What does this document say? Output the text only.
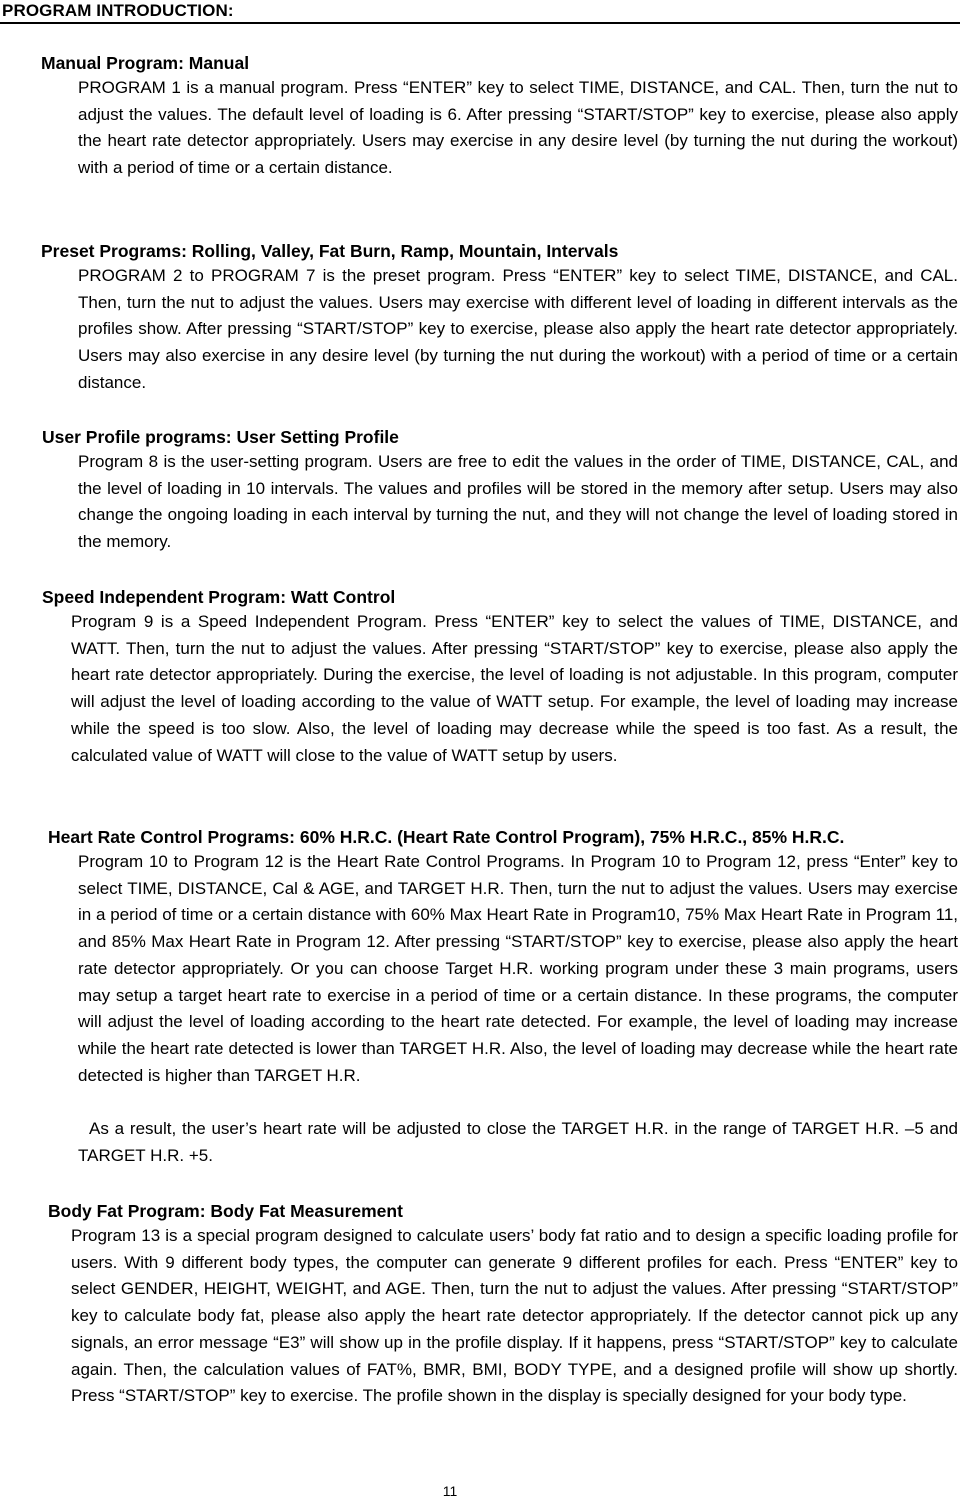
PROGRAM INTRODUCTION:
Manual Program: Manual
PROGRAM 1 is a manual program. Press “ENTER” key to select TIME, DISTANCE, and CAL. Then, turn the nut to adjust the values. The default level of loading is 6. After pressing “START/STOP” key to exercise, please also apply the heart rate detector appropriately. Users may exercise in any desire level (by turning the nut during the workout) with a period of time or a certain distance.
Preset Programs: Rolling, Valley, Fat Burn, Ramp, Mountain, Intervals
PROGRAM 2 to PROGRAM 7 is the preset program. Press “ENTER” key to select TIME, DISTANCE, and CAL. Then, turn the nut to adjust the values. Users may exercise with different level of loading in different intervals as the profiles show. After pressing “START/STOP” key to exercise, please also apply the heart rate detector appropriately. Users may also exercise in any desire level (by turning the nut during the workout) with a period of time or a certain distance.
User Profile programs: User Setting Profile
Program 8 is the user-setting program. Users are free to edit the values in the order of TIME, DISTANCE, CAL, and the level of loading in 10 intervals. The values and profiles will be stored in the memory after setup. Users may also change the ongoing loading in each interval by turning the nut, and they will not change the level of loading stored in the memory.
Speed Independent Program: Watt Control
Program 9 is a Speed Independent Program. Press “ENTER” key to select the values of TIME, DISTANCE, and WATT. Then, turn the nut to adjust the values. After pressing “START/STOP” key to exercise, please also apply the heart rate detector appropriately. During the exercise, the level of loading is not adjustable. In this program, computer will adjust the level of loading according to the value of WATT setup. For example, the level of loading may increase while the speed is too slow. Also, the level of loading may decrease while the speed is too fast. As a result, the calculated value of WATT will close to the value of WATT setup by users.
Heart Rate Control Programs: 60% H.R.C. (Heart Rate Control Program), 75% H.R.C., 85% H.R.C.
Program 10 to Program 12 is the Heart Rate Control Programs. In Program 10 to Program 12, press “Enter” key to select TIME, DISTANCE, Cal & AGE, and TARGET H.R. Then, turn the nut to adjust the values. Users may exercise in a period of time or a certain distance with 60% Max Heart Rate in Program10, 75% Max Heart Rate in Program 11, and 85% Max Heart Rate in Program 12. After pressing “START/STOP” key to exercise, please also apply the heart rate detector appropriately. Or you can choose Target H.R. working program under these 3 main programs, users may setup a target heart rate to exercise in a period of time or a certain distance. In these programs, the computer will adjust the level of loading according to the heart rate detected. For example, the level of loading may increase while the heart rate detected is lower than TARGET H.R. Also, the level of loading may decrease while the heart rate detected is higher than TARGET H.R.
As a result, the user’s heart rate will be adjusted to close the TARGET H.R. in the range of TARGET H.R. –5 and TARGET H.R. +5.
Body Fat Program: Body Fat Measurement
Program 13 is a special program designed to calculate users’ body fat ratio and to design a specific loading profile for users. With 9 different body types, the computer can generate 9 different profiles for each. Press “ENTER” key to select GENDER, HEIGHT, WEIGHT, and AGE. Then, turn the nut to adjust the values. After pressing “START/STOP” key to calculate body fat, please also apply the heart rate detector appropriately. If the detector cannot pick up any signals, an error message “E3” will show up in the profile display. If it happens, press “START/STOP” key to calculate again. Then, the calculation values of FAT%, BMR, BMI, BODY TYPE, and a designed profile will show up shortly. Press “START/STOP” key to exercise. The profile shown in the display is specially designed for your body type.
11
